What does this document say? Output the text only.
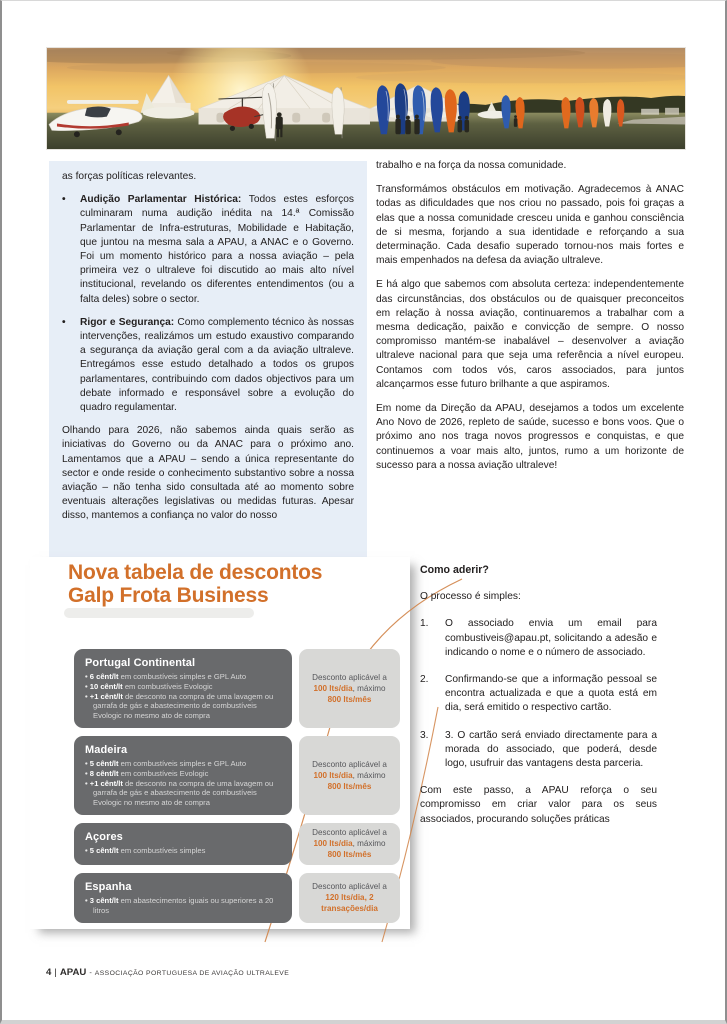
as forças políticas relevantes.

•	Audição Parlamentar Histórica: Todos estes esforços culminaram numa audição inédita na 14.ª Comissão Parlamentar de Infra-estruturas, Mobilidade e Habitação, que juntou na mesma sala a APAU, a ANAC e o Governo. Foi um momento histórico para a nossa aviação – pela primeira vez o ultraleve foi discutido ao mais alto nível institucional, revelando os diferentes entendimentos (ou a falta deles) sobre o sector.

•	Rigor e Segurança: Como complemento técnico às nossas intervenções, realizámos um estudo exaustivo comparando a segurança da aviação geral com a da aviação ultraleve. Entregámos esse estudo detalhado a todos os grupos parlamentares, contribuindo com dados objectivos para um debate informado e responsável sobre a evolução do quadro regulamentar.

Olhando para 2026, não sabemos ainda quais serão as iniciativas do Governo ou da ANAC para o próximo ano. Lamentamos que a APAU – sendo a única representante do sector e onde reside o conhecimento substantivo sobre a nossa aviação – não tenha sido consultada até ao momento sobre eventuais alterações legislativas ou medidas futuras. Apesar disso, mantemos a confiança no valor do nosso

trabalho e na força da nossa comunidade.

Transformámos obstáculos em motivação. Agradecemos à ANAC todas as dificuldades que nos criou no passado, pois foi graças a elas que a nossa comunidade cresceu unida e ganhou consciência de si mesma, forjando a sua identidade e reforçando a sua determinação. Cada desafio superado tornou-nos mais fortes e mais empenhados na defesa da aviação ultraleve.

E há algo que sabemos com absoluta certeza: independentemente das circunstâncias, dos obstáculos ou de quaisquer preconceitos em relação à nossa aviação, continuaremos a trabalhar com a mesma dedicação, paixão e convicção de sempre. O nosso compromisso mantém-se inabalável – desenvolver a aviação ultraleve nacional para que seja uma referência a nível europeu. Contamos com todos vós, caros associados, para juntos alcançarmos esse futuro brilhante a que aspiramos.

Em nome da Direção da APAU, desejamos a todos um excelente Ano Novo de 2026, repleto de saúde, sucesso e bons voos. Que o próximo ano nos traga novos progressos e conquistas, e que continuemos a voar mais alto, juntos, rumo a um horizonte de sucesso para a nossa aviação ultraleve!

Nova tabela de descontos
Galp Frota Business
Portugal Continental
• 6 cênt/lt em combustíveis simples e GPL Auto
• 10 cênt/lt em combustíveis Evologic
• +1 cênt/lt de desconto na compra de uma lavagem ou garrafa de gás e abastecimento de combustíveis Evologic no mesmo ato de compra

Desconto aplicável a 100 lts/dia, máximo 800 lts/mês

Madeira
• 5 cênt/lt em combustíveis simples e GPL Auto
• 8 cênt/lt em combustíveis Evologic
• +1 cênt/lt de desconto na compra de uma lavagem ou garrafa de gás e abastecimento de combustíveis Evologic no mesmo ato de compra

Desconto aplicável a 100 lts/dia, máximo 800 lts/mês

Açores
• 5 cênt/lt em combustíveis simples

Desconto aplicável a 100 lts/dia, máximo 800 lts/mês

Espanha
• 3 cênt/lt em abastecimentos iguais ou superiores a 20 litros

Desconto aplicável a 120 lts/dia, 2 transações/dia

Como aderir?

O processo é simples:

1.	O associado envia um email para combustiveis@apau.pt, solicitando a adesão e indicando o nome e o número de associado.

2.	Confirmando-se que a informação pessoal se encontra actualizada e que a quota está em dia, será emitido o respectivo cartão.

3.	3. O cartão será enviado directamente para a morada do associado, que poderá, desde logo, usufruir das vantagens desta parceria.

Com este passo, a APAU reforça o seu compromisso em criar valor para os seus associados, procurando soluções práticas

4 | APAU - ASSOCIAÇÃO PORTUGUESA DE AVIAÇÃO ULTRALEVE
